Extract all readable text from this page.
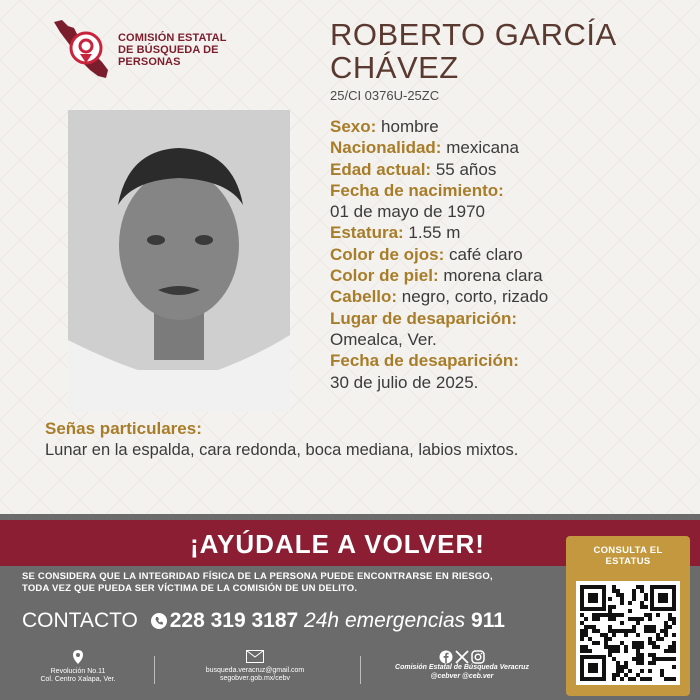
COMISIÓN ESTATAL
DE BÚSQUEDA DE
PERSONAS
ROBERTO GARCÍA
CHÁVEZ
25/CI 0376U-25ZC
Sexo: hombre
Nacionalidad: mexicana
Edad actual: 55 años
Fecha de nacimiento:
01 de mayo de 1970
Estatura: 1.55 m
Color de ojos: café claro
Color de piel: morena clara
Cabello: negro, corto, rizado
Lugar de desaparición:
Omealca, Ver.
Fecha de desaparición:
30 de julio de 2025.
Señas particulares:
Lunar en la espalda, cara redonda, boca mediana, labios mixtos.
¡AYÚDALE A VOLVER!
SE CONSIDERA QUE LA INTEGRIDAD FÍSICA DE LA PERSONA PUEDE ENCONTRARSE EN RIESGO,
TODA VEZ QUE PUEDA SER VÍCTIMA DE LA COMISIÓN DE UN DELITO.
CONTACTO 228 319 3187 24h emergencias 911
Revolución No.11
Col. Centro Xalapa, Ver.
busqueda.veracruz@gmail.com
segobver.gob.mx/cebv

Comisión Estatal de Búsqueda Veracruz
@cebver @ceb.ver
CONSULTA EL
ESTATUS
